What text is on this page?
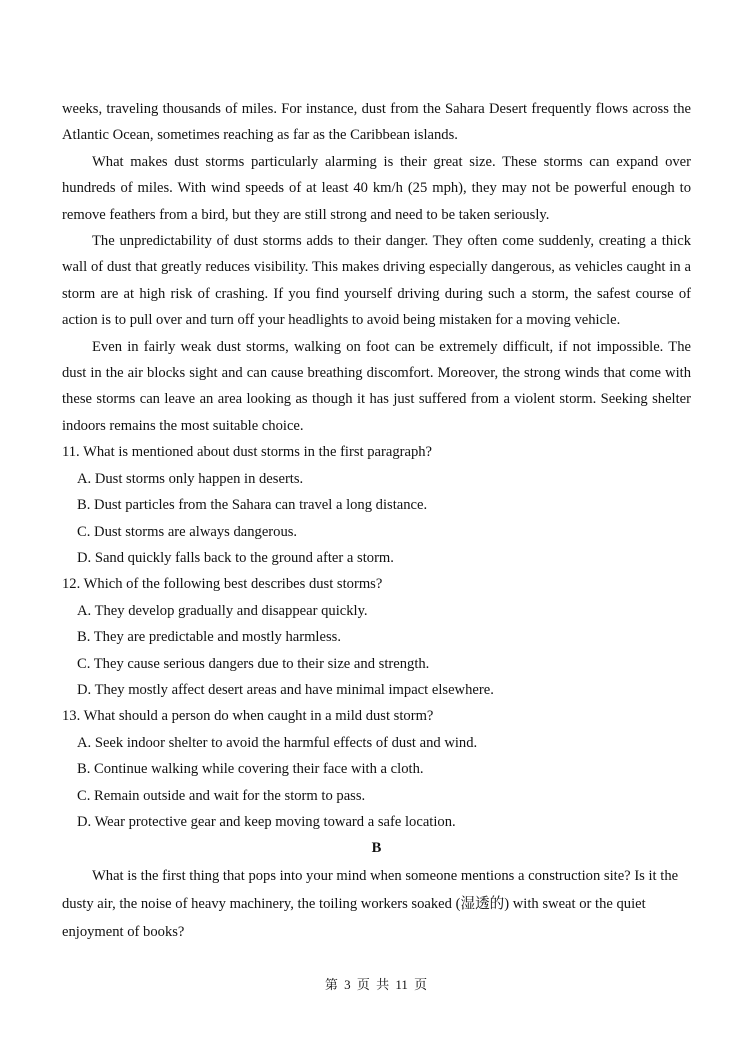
weeks, traveling thousands of miles. For instance, dust from the Sahara Desert frequently flows across the Atlantic Ocean, sometimes reaching as far as the Caribbean islands.

What makes dust storms particularly alarming is their great size. These storms can expand over hundreds of miles. With wind speeds of at least 40 km/h (25 mph), they may not be powerful enough to remove feathers from a bird, but they are still strong and need to be taken seriously.

The unpredictability of dust storms adds to their danger. They often come suddenly, creating a thick wall of dust that greatly reduces visibility. This makes driving especially dangerous, as vehicles caught in a storm are at high risk of crashing. If you find yourself driving during such a storm, the safest course of action is to pull over and turn off your headlights to avoid being mistaken for a moving vehicle.

Even in fairly weak dust storms, walking on foot can be extremely difficult, if not impossible. The dust in the air blocks sight and can cause breathing discomfort. Moreover, the strong winds that come with these storms can leave an area looking as though it has just suffered from a violent storm. Seeking shelter indoors remains the most suitable choice.

11. What is mentioned about dust storms in the first paragraph?

A. Dust storms only happen in deserts.

B. Dust particles from the Sahara can travel a long distance.

C. Dust storms are always dangerous.

D. Sand quickly falls back to the ground after a storm.

12. Which of the following best describes dust storms?

A. They develop gradually and disappear quickly.

B. They are predictable and mostly harmless.

C. They cause serious dangers due to their size and strength.

D. They mostly affect desert areas and have minimal impact elsewhere.

13. What should a person do when caught in a mild dust storm?

A. Seek indoor shelter to avoid the harmful effects of dust and wind.

B. Continue walking while covering their face with a cloth.

C. Remain outside and wait for the storm to pass.

D. Wear protective gear and keep moving toward a safe location.

B

What is the first thing that pops into your mind when someone mentions a construction site? Is it the dusty air, the noise of heavy machinery, the toiling workers soaked (湿透的) with sweat or the quiet enjoyment of books?

第 3 页 共 11 页
